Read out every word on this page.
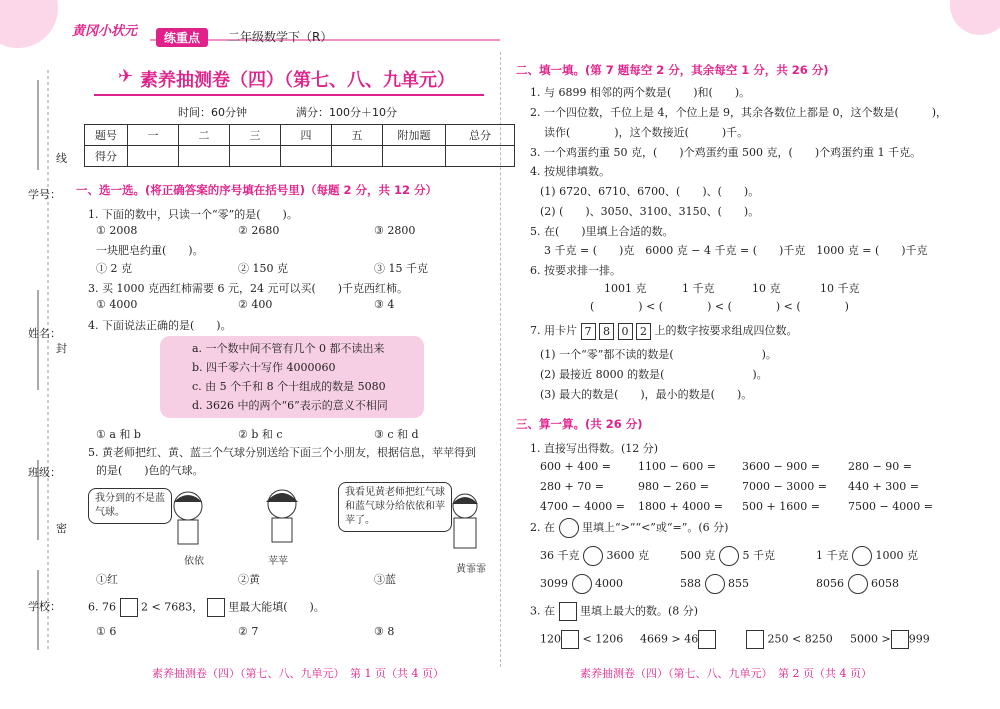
黄冈小状元	练重点	二年级数学下（R）
学号：
姓名：
班级：
学校：
线
封
密
✈ 素养抽测卷（四）（第七、八、九单元）
时间：60分钟	满分：100分＋10分
题号	一	二	三	四	五	附加题	总分
得分							
一、选一选。(将正确答案的序号填在括号里)（每题 2 分，共 12 分）
1. 下面的数中，只读一个“零”的是(　　)。
① 2008	② 2680	③ 2800
一块肥皂约重(　　)。
① 2 克	② 150 克	③ 15 千克
3. 买 1000 克西红柿需要 6 元，24 元可以买(　　)千克西红柿。
① 4000	② 400	③ 4
4. 下面说法正确的是(　　)。
a. 一个数中间不管有几个 0 都不读出来
b. 四千零六十写作 4000060
c. 由 5 个千和 8 个十组成的数是 5080
d. 3626 中的两个“6”表示的意义不相同
① a 和 b	② b 和 c	③ c 和 d
5. 黄老师把红、黄、蓝三个气球分别送给下面三个小朋友，根据信息，苹苹得到
的是(　　)色的气球。
我分到的不是蓝气球。
我看见黄老师把红气球和蓝气球分给依依和苹苹了。
依依	苹苹
黄霏霏
①红	②黄	③蓝
6. 76 2 < 7683， 里最大能填(　　)。
① 6	② 7	③ 8
二、填一填。(第 7 题每空 2 分，其余每空 1 分，共 26 分)
1. 与 6899 相邻的两个数是(　　)和(　　)。
2. 一个四位数，千位上是 4，个位上是 9，其余各数位上都是 0，这个数是(　　　)，
读作(　　　　)，这个数接近(　　　)千。
3. 一个鸡蛋约重 50 克，(　　)个鸡蛋约重 500 克，(　　)个鸡蛋约重 1 千克。
4. 按规律填数。
(1) 6720、6710、6700、(　　)、(　　)。
(2) (　　)、3050、3100、3150、(　　)。
5. 在(　　)里填上合适的数。
3 千克 = (　　)克　6000 克 − 4 千克 = (　　)千克　1000 克 = (　　)千克
6. 按要求排一排。
1001 克	1 千克	10 克	10 千克
(　　　　) < (　　　　) < (　　　　) < (　　　　)
7. 用卡片 7 8 0 2 上的数字按要求组成四位数。
(1) 一个“零”都不读的数是(　　　　　　　　)。
(2) 最接近 8000 的数是(　　　　　　　　)。
(3) 最大的数是(　　)，最小的数是(　　)。
三、算一算。(共 26 分)
1. 直接写出得数。(12 分)
600 + 400 = 1100 − 600 = 3600 − 900 =	280 − 90 =
280 + 70 =	980 − 260 =	7000 − 3000 = 440 + 300 =
4700 − 4000 = 1800 + 4000 = 500 + 1600 =	7500 − 4000 =
2. 在 里填上“>”“<”或“=”。(6 分)
36 千克 3600 克	500 克 5 千克	1 千克 1000 克
3099 4000	588 855	8056 6058
3. 在 里填上最大的数。(8 分)
120 < 1206 4669 > 46	250 < 8250 5000 > 999
素养抽测卷（四）（第七、八、九单元）　第 1 页（共 4 页）	素养抽测卷（四）（第七、八、九单元）　第 2 页（共 4 页）
